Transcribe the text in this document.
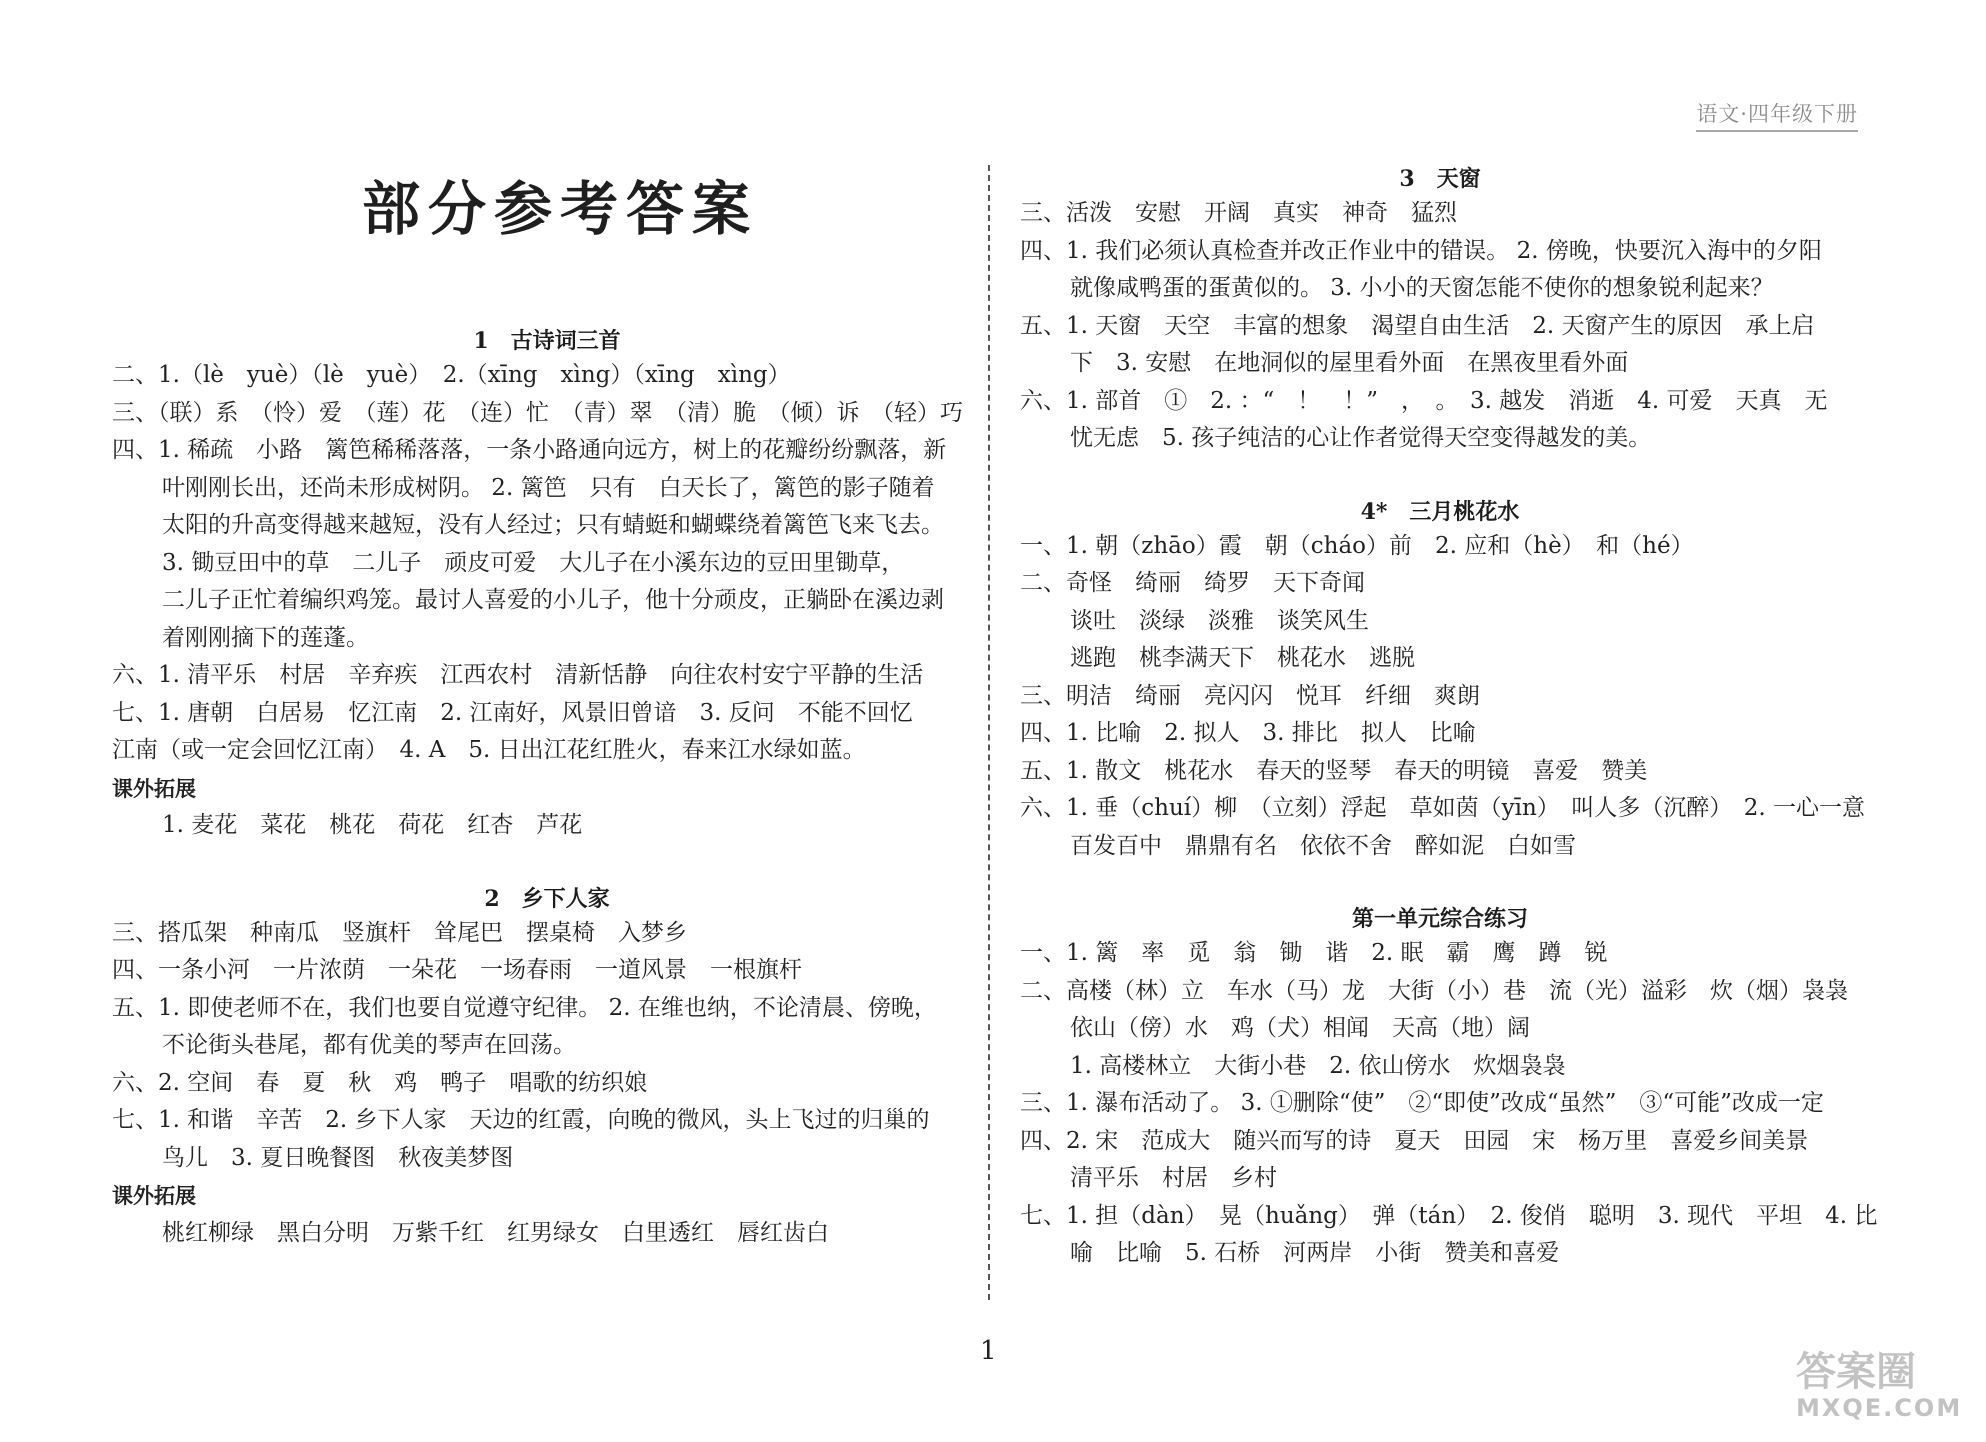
语文·四年级下册
部分参考答案
1　古诗词三首
二、1.（lè　yuè）（lè　yuè）　2.（xīng　xìng）（xīng　xìng）
三、（联）系　（怜）爱　（莲）花　（连）忙　（青）翠　（清）脆　（倾）诉　（轻）巧
四、1. 稀疏　小路　篱笆稀稀落落，一条小路通向远方，树上的花瓣纷纷飘落，新
叶刚刚长出，还尚未形成树阴。 2. 篱笆　只有　白天长了，篱笆的影子随着
太阳的升高变得越来越短，没有人经过；只有蜻蜓和蝴蝶绕着篱笆飞来飞去。
3. 锄豆田中的草　二儿子　顽皮可爱　大儿子在小溪东边的豆田里锄草，
二儿子正忙着编织鸡笼。最讨人喜爱的小儿子，他十分顽皮，正躺卧在溪边剥
着刚刚摘下的莲蓬。
六、1. 清平乐　村居　辛弃疾　江西农村　清新恬静　向往农村安宁平静的生活
七、1. 唐朝　白居易　忆江南　2. 江南好，风景旧曾谙　3. 反问　不能不回忆
江南（或一定会回忆江南）　4. A　5. 日出江花红胜火，春来江水绿如蓝。
课外拓展
1. 麦花　菜花　桃花　荷花　红杏　芦花
2　乡下人家
三、搭瓜架　种南瓜　竖旗杆　耸尾巴　摆桌椅　入梦乡
四、一条小河　一片浓荫　一朵花　一场春雨　一道风景　一根旗杆
五、1. 即使老师不在，我们也要自觉遵守纪律。 2. 在维也纳，不论清晨、傍晚，
不论街头巷尾，都有优美的琴声在回荡。
六、2. 空间　春　夏　秋　鸡　鸭子　唱歌的纺织娘
七、1. 和谐　辛苦　2. 乡下人家　天边的红霞，向晚的微风，头上飞过的归巢的
鸟儿　3. 夏日晚餐图　秋夜美梦图
课外拓展
桃红柳绿　黑白分明　万紫千红　红男绿女　白里透红　唇红齿白
3　天窗
三、活泼　安慰　开阔　真实　神奇　猛烈
四、1. 我们必须认真检查并改正作业中的错误。 2. 傍晚，快要沉入海中的夕阳
就像咸鸭蛋的蛋黄似的。 3. 小小的天窗怎能不使你的想象锐利起来？
五、1. 天窗　天空　丰富的想象　渴望自由生活　2. 天窗产生的原因　承上启
下　3. 安慰　在地洞似的屋里看外面　在黑夜里看外面
六、1. 部首　①　2. ：“　！　！”　，　。　3. 越发　消逝　4. 可爱　天真　无
忧无虑　5. 孩子纯洁的心让作者觉得天空变得越发的美。
4*　三月桃花水
一、1. 朝（zhāo）霞　朝（cháo）前　2. 应和（hè）　和（hé）
二、奇怪　绮丽　绮罗　天下奇闻
谈吐　淡绿　淡雅　谈笑风生
逃跑　桃李满天下　桃花水　逃脱
三、明洁　绮丽　亮闪闪　悦耳　纤细　爽朗
四、1. 比喻　2. 拟人　3. 排比　拟人　比喻
五、1. 散文　桃花水　春天的竖琴　春天的明镜　喜爱　赞美
六、1. 垂（chuí）柳　（立刻）浮起　草如茵（yīn）　叫人多（沉醉）　2. 一心一意
百发百中　鼎鼎有名　依依不舍　醉如泥　白如雪
第一单元综合练习
一、1. 篱　率　觅　翁　锄　谐　2. 眠　霸　鹰　蹲　锐
二、高楼（林）立　车水（马）龙　大街（小）巷　流（光）溢彩　炊（烟）袅袅
依山（傍）水　鸡（犬）相闻　天高（地）阔
1. 高楼林立　大街小巷　2. 依山傍水　炊烟袅袅
三、1. 瀑布活动了。 3. ①删除“使”　②“即使”改成“虽然”　③“可能”改成一定
四、2. 宋　范成大　随兴而写的诗　夏天　田园　宋　杨万里　喜爱乡间美景
清平乐　村居　乡村
七、1. 担（dàn）　晃（huǎng）　弹（tán）　2. 俊俏　聪明　3. 现代　平坦　4. 比
喻　比喻　5. 石桥　河两岸　小街　赞美和喜爱
1	答案圈
MXQE.COM
